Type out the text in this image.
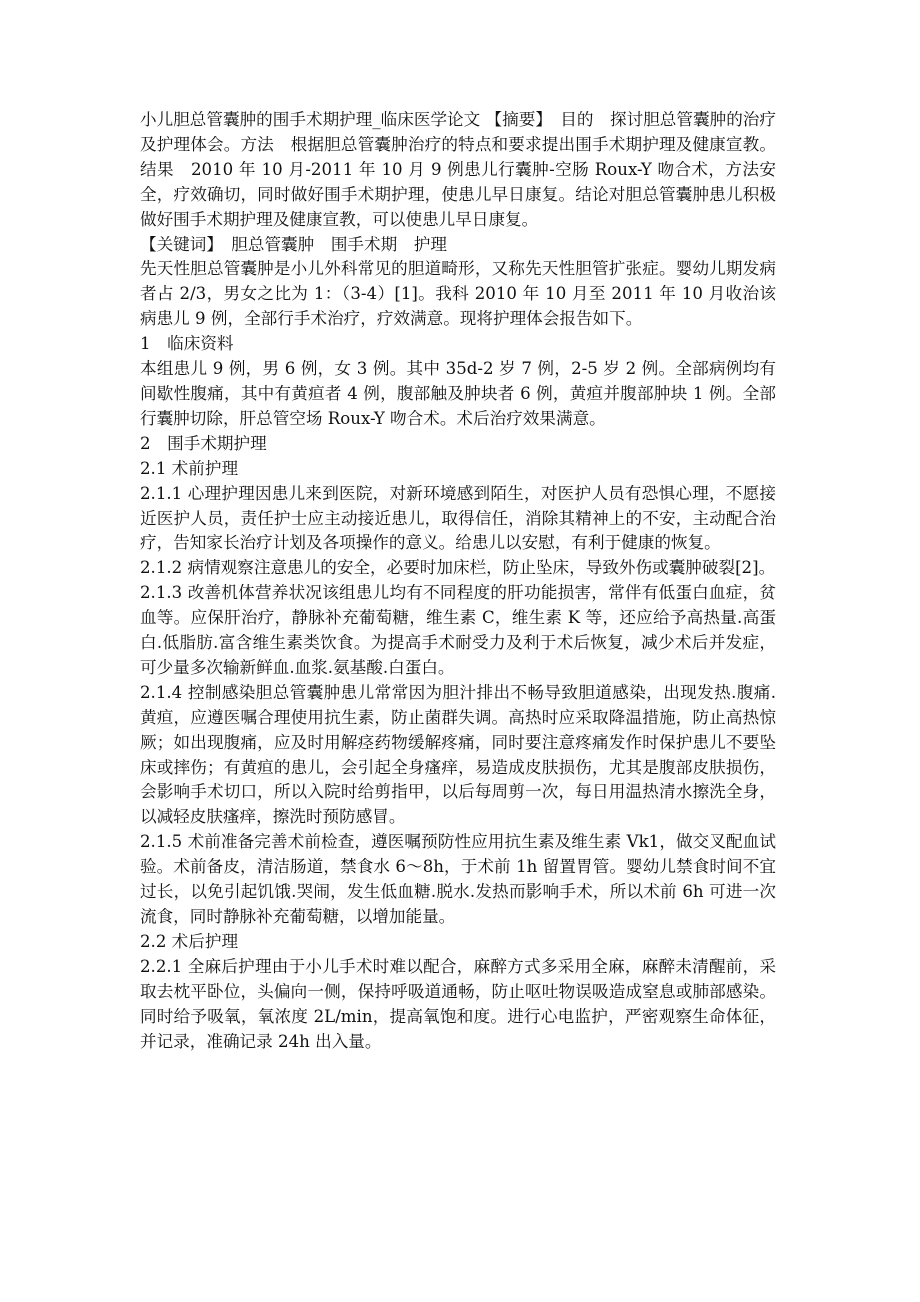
小儿胆总管囊肿的围手术期护理_临床医学论文 【摘要】　目的　探讨胆总管囊肿的治疗及护理体会。方法　根据胆总管囊肿治疗的特点和要求提出围手术期护理及健康宣教。结果　2010 年 10 月-2011 年 10 月 9 例患儿行囊肿-空肠 Roux-Y 吻合术，方法安全，疗效确切，同时做好围手术期护理，使患儿早日康复。结论对胆总管囊肿患儿积极做好围手术期护理及健康宣教，可以使患儿早日康复。

【关键词】　胆总管囊肿　围手术期　护理

先天性胆总管囊肿是小儿外科常见的胆道畸形，又称先天性胆管扩张症。婴幼儿期发病者占 2/3，男女之比为 1：（3-4）[1]。我科 2010 年 10 月至 2011 年 10 月收治该病患儿 9 例，全部行手术治疗，疗效满意。现将护理体会报告如下。

1　临床资料

本组患儿 9 例，男 6 例，女 3 例。其中 35d-2 岁 7 例，2-5 岁 2 例。全部病例均有间歇性腹痛，其中有黄疸者 4 例，腹部触及肿块者 6 例，黄疸并腹部肿块 1 例。全部行囊肿切除，肝总管空场 Roux-Y 吻合术。术后治疗效果满意。

2　围手术期护理

2.1 术前护理

2.1.1 心理护理因患儿来到医院，对新环境感到陌生，对医护人员有恐惧心理，不愿接近医护人员，责任护士应主动接近患儿，取得信任，消除其精神上的不安，主动配合治疗，告知家长治疗计划及各项操作的意义。给患儿以安慰，有利于健康的恢复。

2.1.2 病情观察注意患儿的安全，必要时加床栏，防止坠床，导致外伤或囊肿破裂[2]。

2.1.3 改善机体营养状况该组患儿均有不同程度的肝功能损害，常伴有低蛋白血症，贫血等。应保肝治疗，静脉补充葡萄糖，维生素 C，维生素 K 等，还应给予高热量.高蛋白.低脂肪.富含维生素类饮食。为提高手术耐受力及利于术后恢复，减少术后并发症，可少量多次输新鲜血.血浆.氨基酸.白蛋白。

2.1.4 控制感染胆总管囊肿患儿常常因为胆汁排出不畅导致胆道感染，出现发热.腹痛.黄疸，应遵医嘱合理使用抗生素，防止菌群失调。高热时应采取降温措施，防止高热惊厥；如出现腹痛，应及时用解痉药物缓解疼痛，同时要注意疼痛发作时保护患儿不要坠床或摔伤；有黄疸的患儿，会引起全身瘙痒，易造成皮肤损伤，尤其是腹部皮肤损伤，会影响手术切口，所以入院时给剪指甲，以后每周剪一次，每日用温热清水擦洗全身，以减轻皮肤瘙痒，擦洗时预防感冒。

2.1.5 术前准备完善术前检查，遵医嘱预防性应用抗生素及维生素 Vk1，做交叉配血试验。术前备皮，清洁肠道，禁食水 6～8h，于术前 1h 留置胃管。婴幼儿禁食时间不宜过长，以免引起饥饿.哭闹，发生低血糖.脱水.发热而影响手术，所以术前 6h 可进一次流食，同时静脉补充葡萄糖，以增加能量。

2.2 术后护理

2.2.1 全麻后护理由于小儿手术时难以配合，麻醉方式多采用全麻，麻醉未清醒前，采取去枕平卧位，头偏向一侧，保持呼吸道通畅，防止呕吐物误吸造成窒息或肺部感染。同时给予吸氧，氧浓度 2L/min，提高氧饱和度。进行心电监护，严密观察生命体征，并记录，准确记录 24h 出入量。
